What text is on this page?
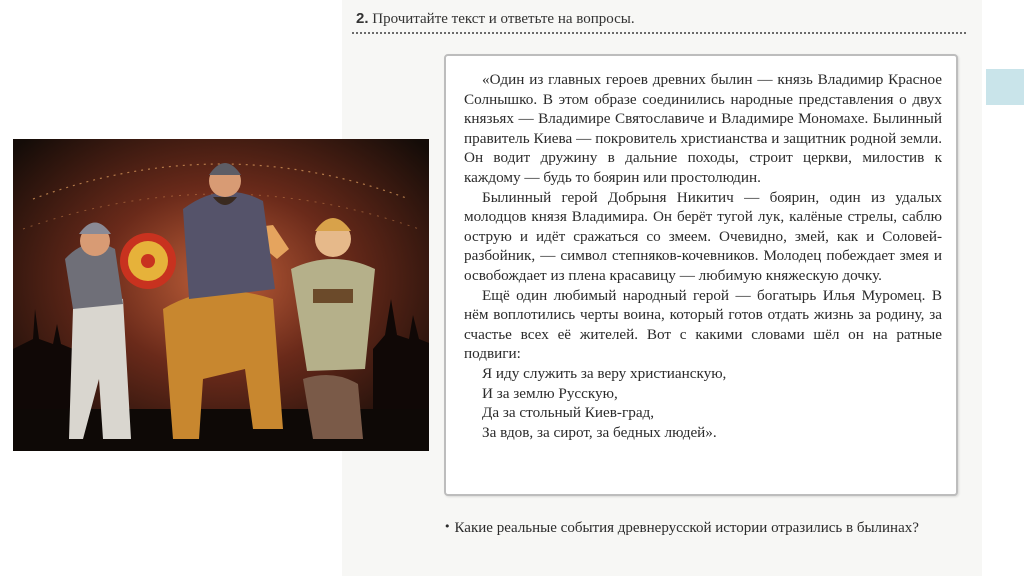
2. Прочитайте текст и ответьте на вопросы.

«Один из главных героев древних былин — князь Владимир Красное Солнышко. В этом образе соединились народные представления о двух князьях — Владимире Святославиче и Владимире Мономахе. Былинный правитель Киева — покровитель христианства и защитник родной земли. Он водит дружину в дальние походы, строит церкви, милостив к каждому — будь то боярин или простолюдин.

Былинный герой Добрыня Никитич — боярин, один из удалых молодцов князя Владимира. Он берёт тугой лук, калёные стрелы, саблю острую и идёт сражаться со змеем. Очевидно, змей, как и Соловей-разбойник, — символ степняков-кочевников. Молодец побеждает змея и освобождает из плена красавицу — любимую княжескую дочку.

Ещё один любимый народный герой — богатырь Илья Муромец. В нём воплотились черты воина, который готов отдать жизнь за родину, за счастье всех её жителей. Вот с какими словами шёл он на ратные подвиги:

Я иду служить за веру христианскую,

И за землю Русскую,

Да за стольный Киев-град,

За вдов, за сирот, за бедных людей».

• Какие реальные события древнерусской истории отразились в былинах?
